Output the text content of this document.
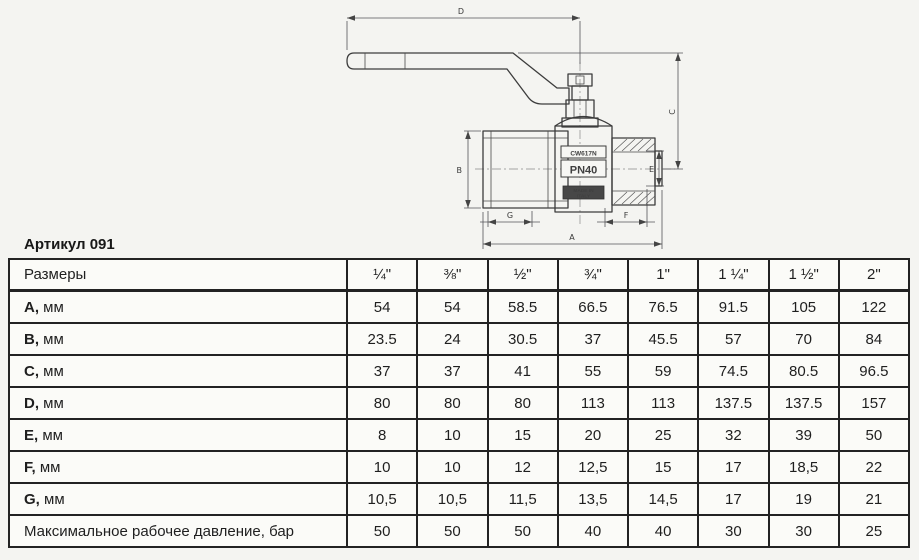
D
C
B	E
G	F
A
CW617N
PN40
MADE IN
ITALY
Артикул 091
Размеры	¼"	⅜"	½"	¾"	1"	1 ¼"	1 ½"	2"
A, мм	54	54	58.5	66.5	76.5	91.5	105	122
B, мм	23.5	24	30.5	37	45.5	57	70	84
C, мм	37	37	41	55	59	74.5	80.5	96.5
D, мм	80	80	80	113	113	137.5	137.5	157
E, мм	8	10	15	20	25	32	39	50
F, мм	10	10	12	12,5	15	17	18,5	22
G, мм	10,5	10,5	11,5	13,5	14,5	17	19	21
Максимальное рабочее давление, бар	50	50	50	40	40	30	30	25
